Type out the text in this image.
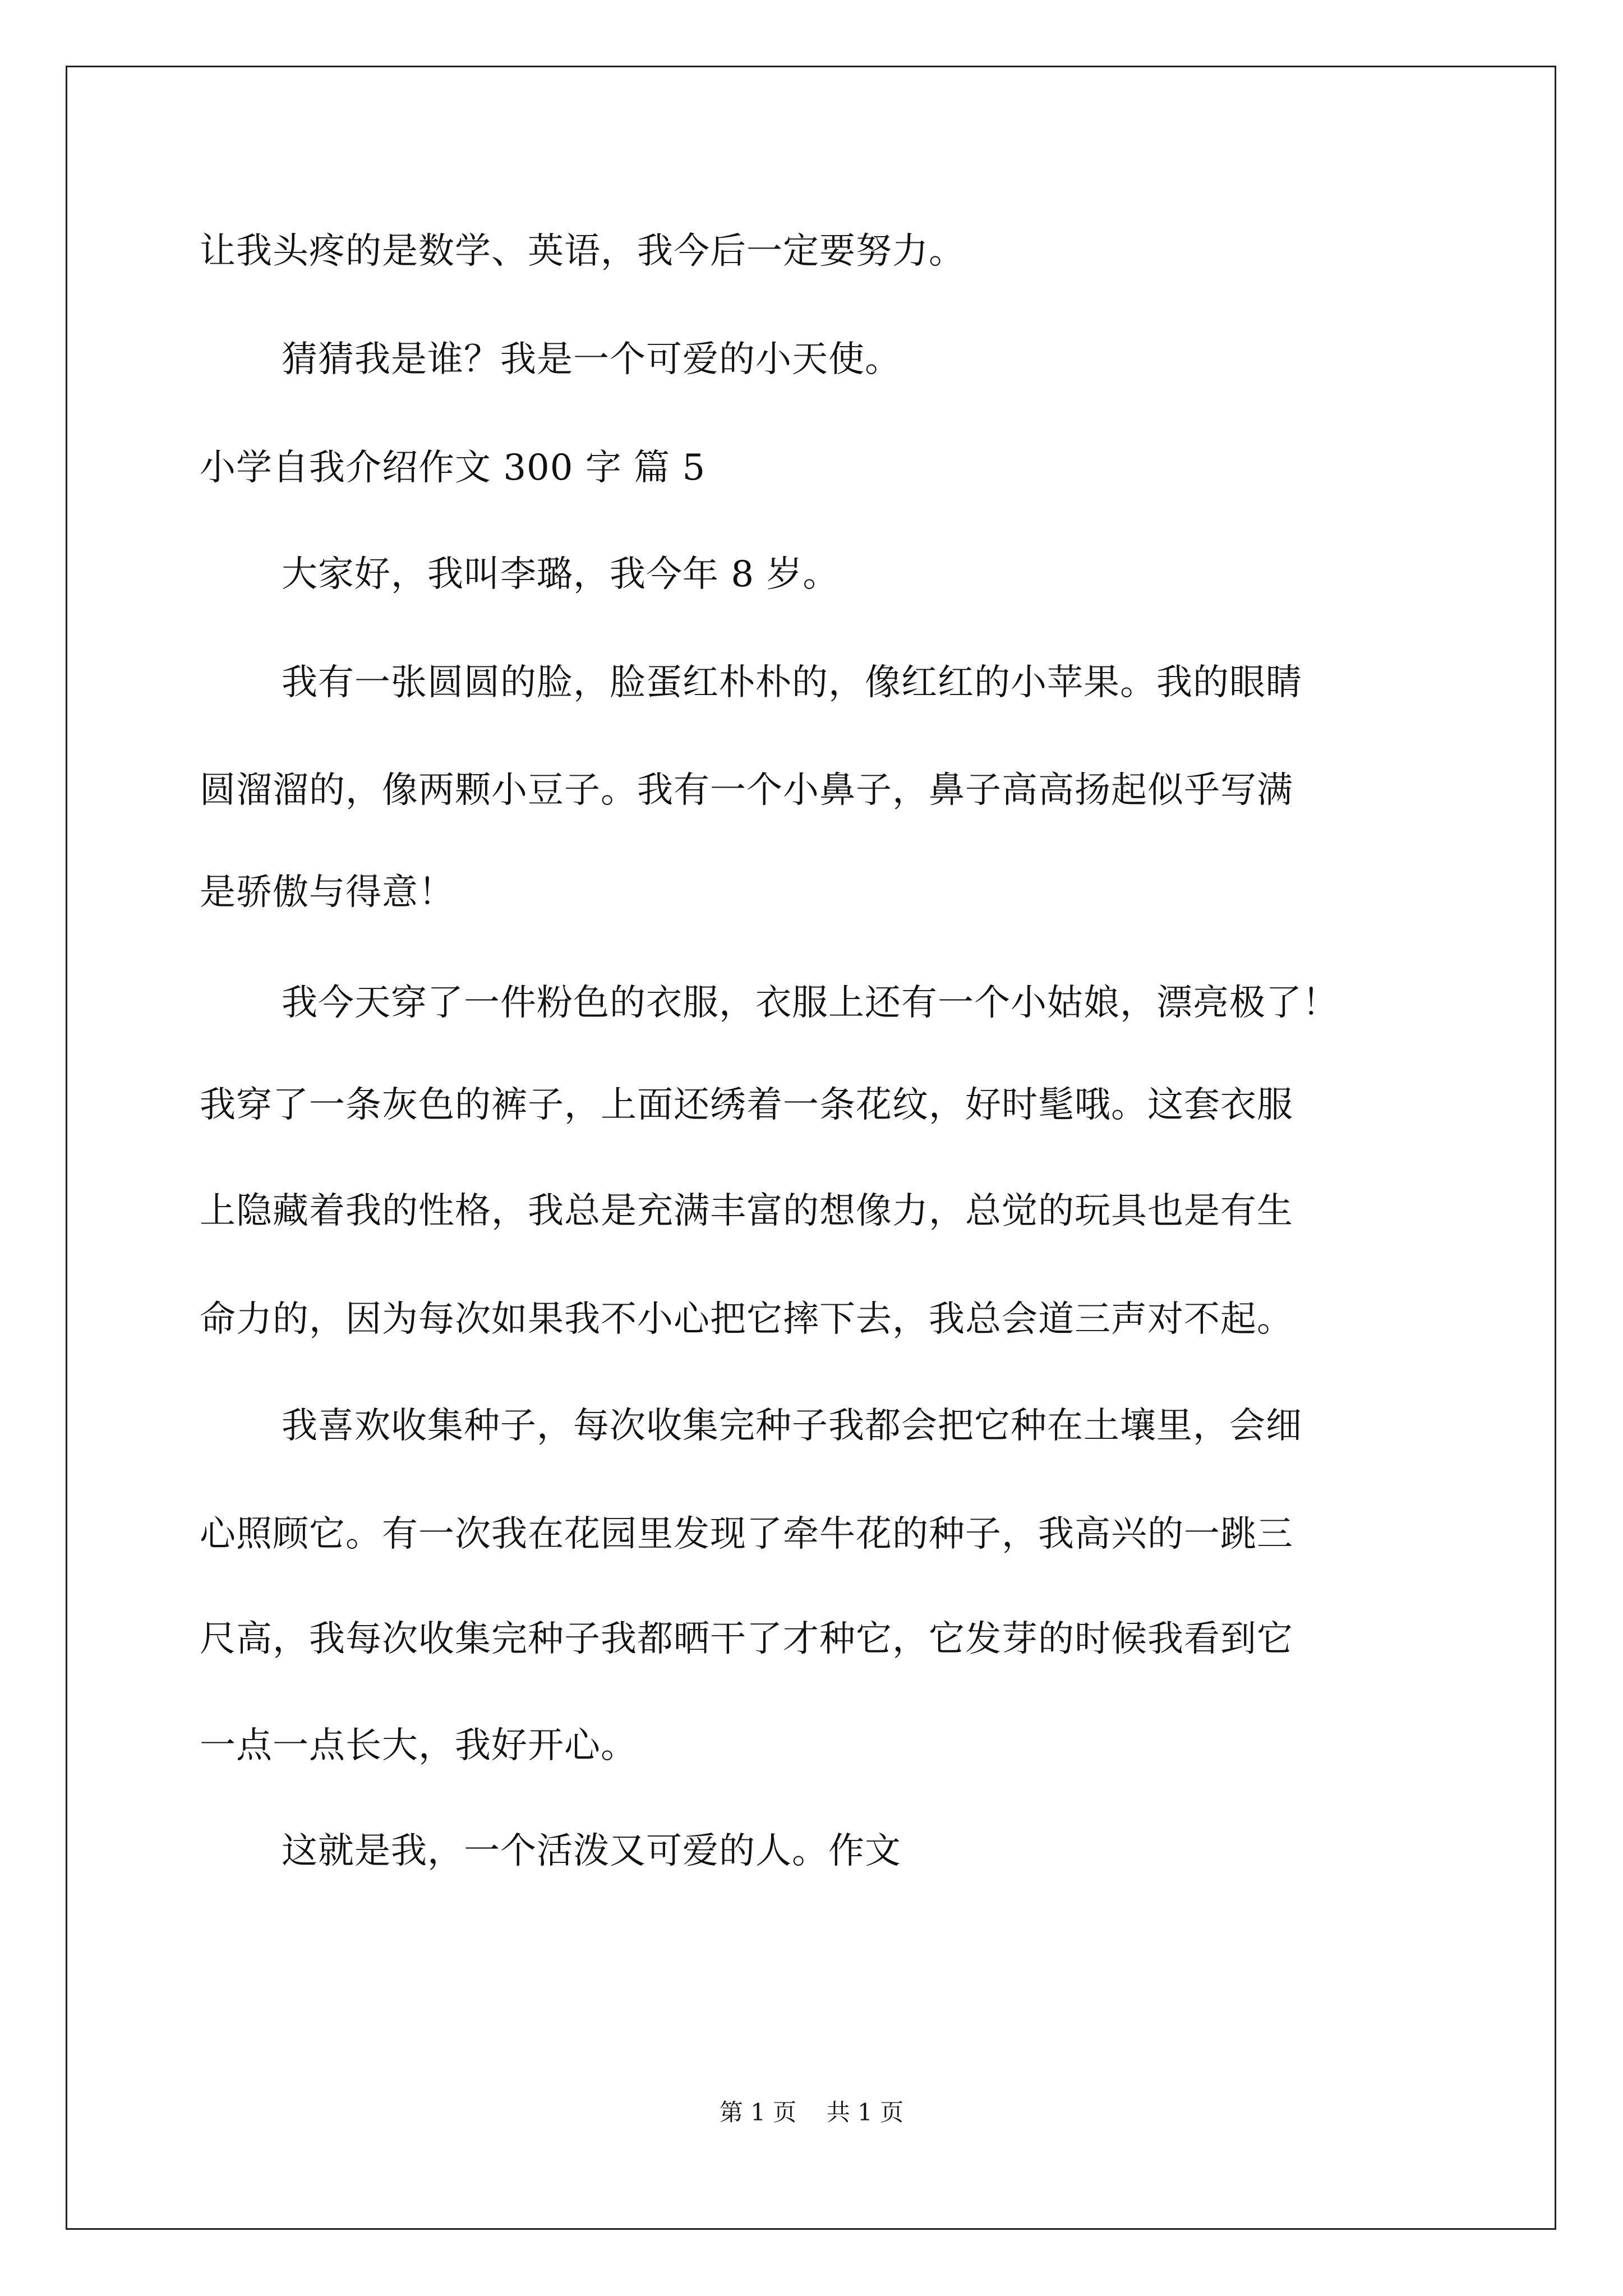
让我头疼的是数学、英语，我今后一定要努力。
猜猜我是谁？我是一个可爱的小天使。
小学自我介绍作文 300 字 篇 5
大家好，我叫李璐，我今年 8 岁。
我有一张圆圆的脸，脸蛋红朴朴的，像红红的小苹果。我的眼睛
圆溜溜的，像两颗小豆子。我有一个小鼻子，鼻子高高扬起似乎写满
是骄傲与得意！
我今天穿了一件粉色的衣服，衣服上还有一个小姑娘，漂亮极了！
我穿了一条灰色的裤子，上面还绣着一条花纹，好时髦哦。这套衣服
上隐藏着我的性格，我总是充满丰富的想像力，总觉的玩具也是有生
命力的，因为每次如果我不小心把它摔下去，我总会道三声对不起。
我喜欢收集种子，每次收集完种子我都会把它种在土壤里，会细
心照顾它。有一次我在花园里发现了牵牛花的种子，我高兴的一跳三
尺高，我每次收集完种子我都晒干了才种它，它发芽的时候我看到它
一点一点长大，我好开心。
这就是我，一个活泼又可爱的人。作文
第 1 页    共 1 页
